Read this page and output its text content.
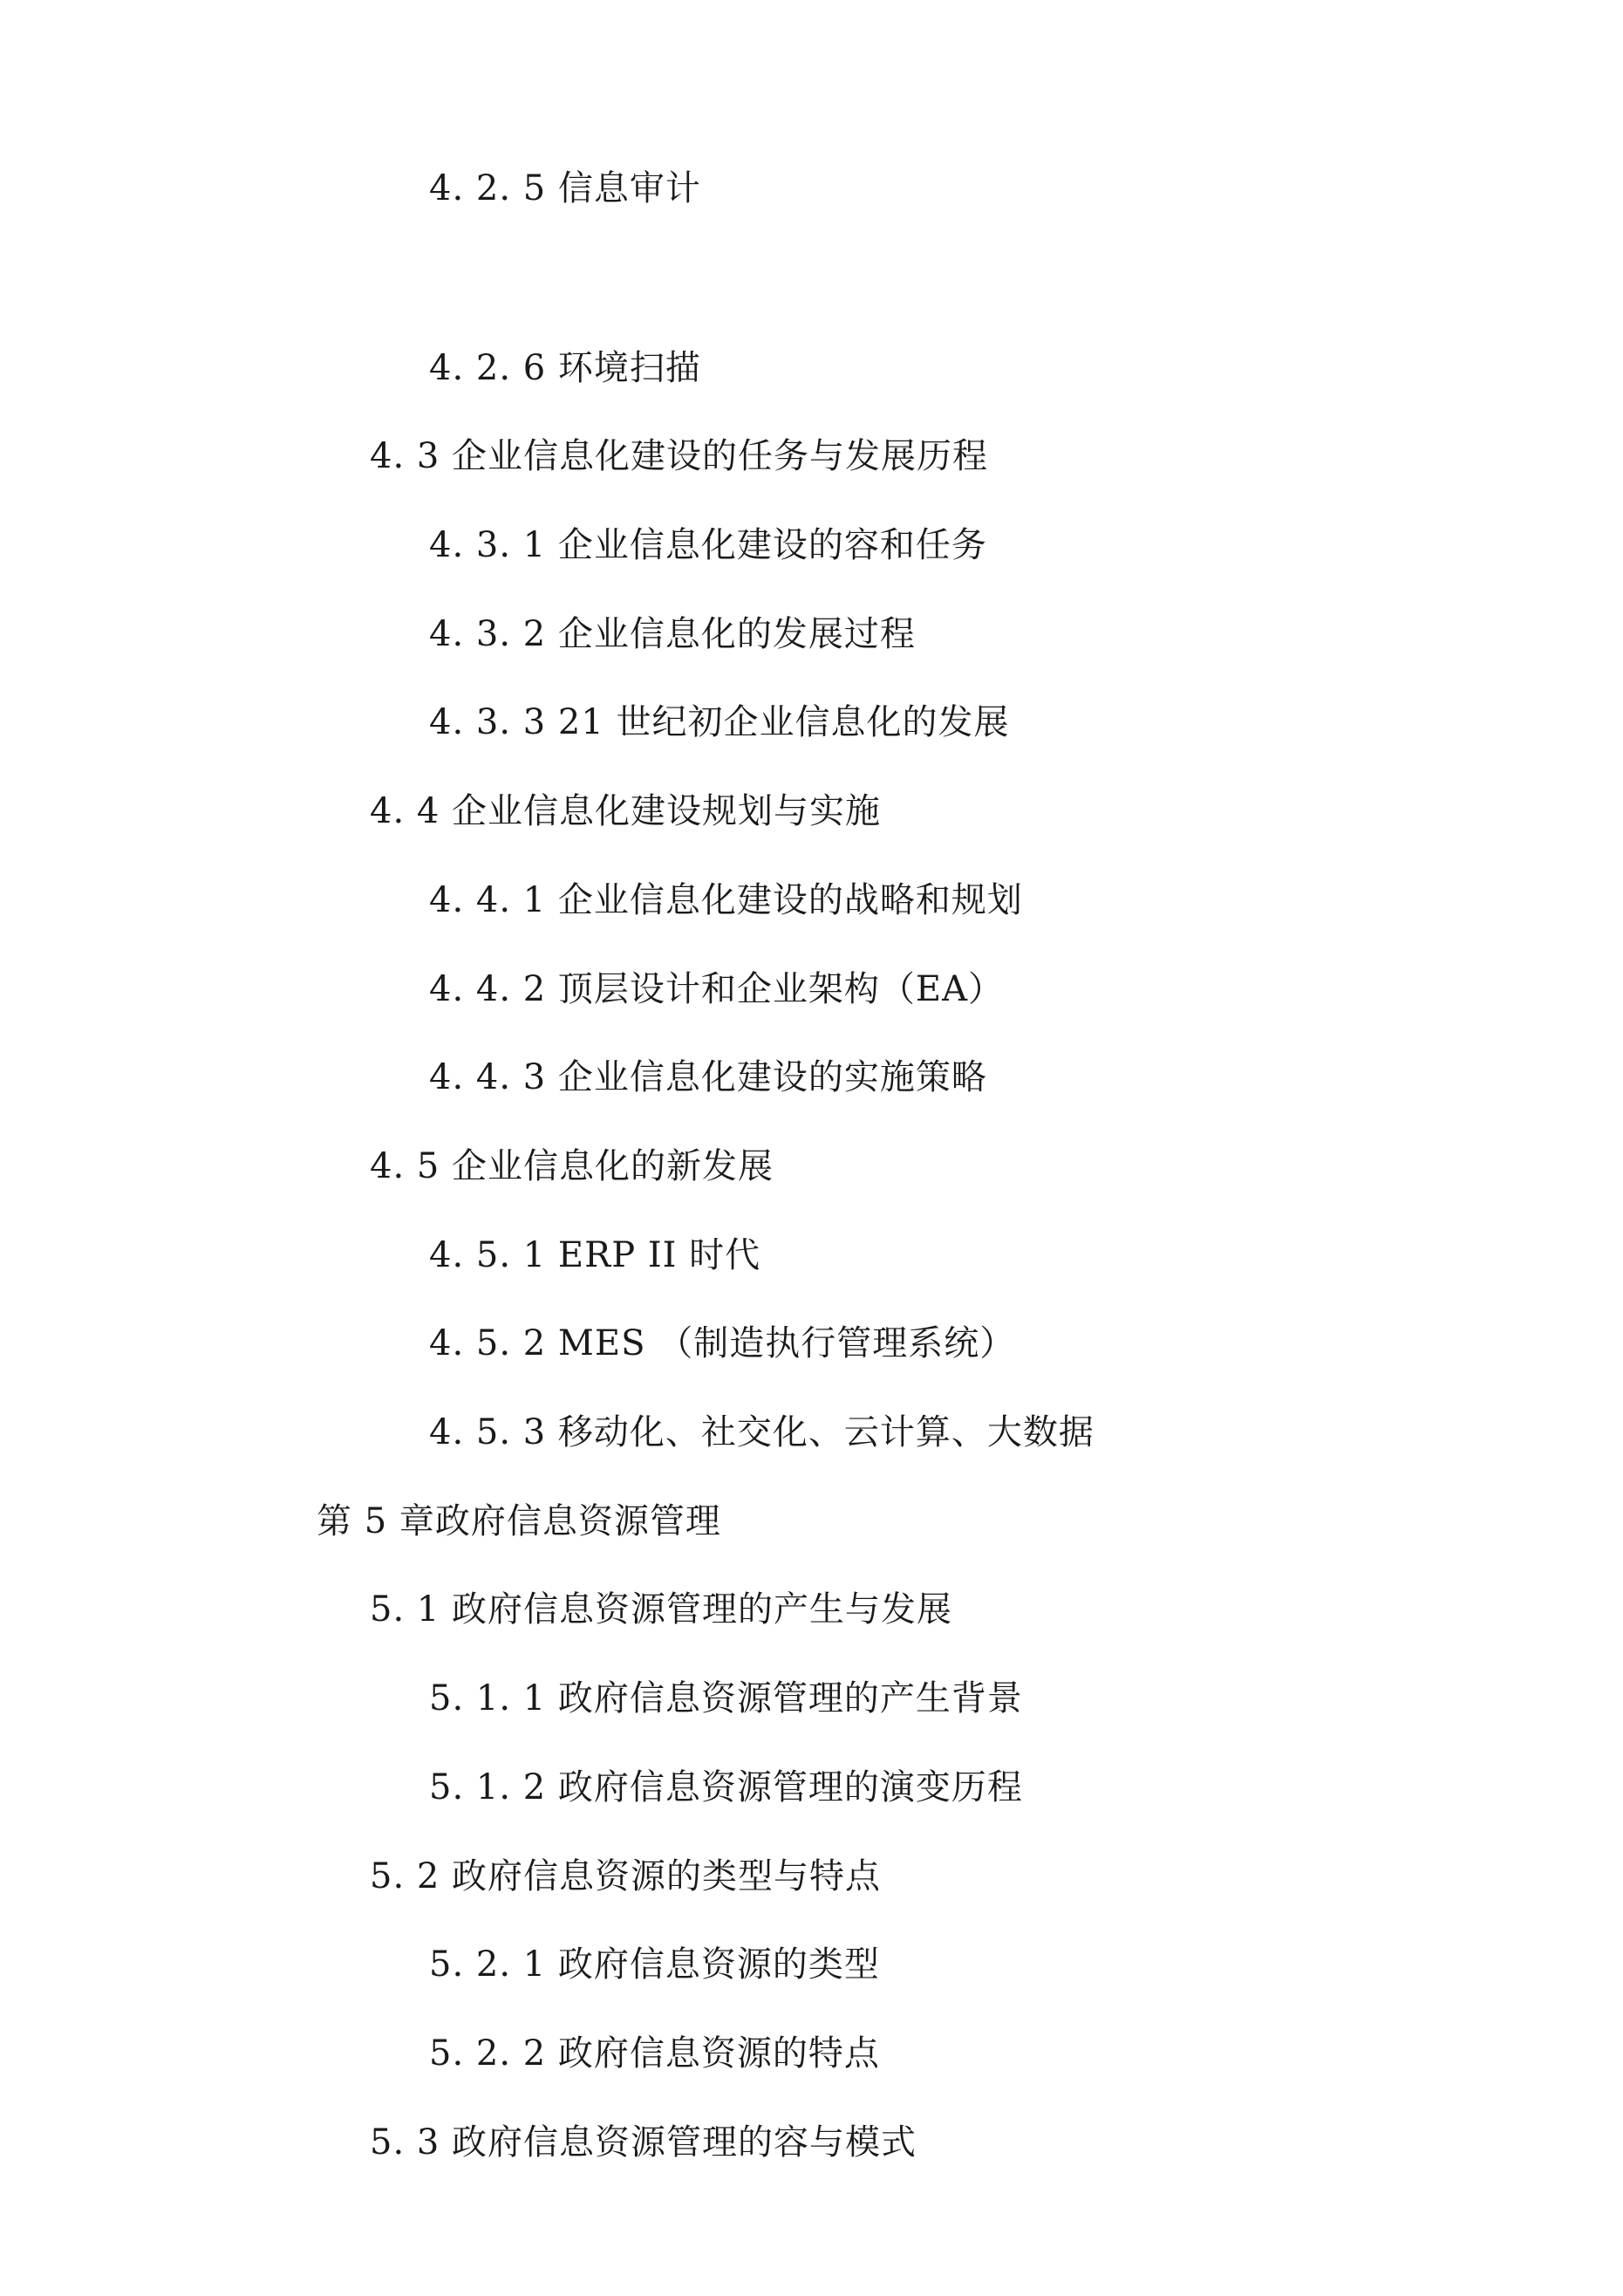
4. 2. 5 信息审计
4. 2. 6 环境扫描
4. 3 企业信息化建设的任务与发展历程
4. 3. 1 企业信息化建设的容和任务
4. 3. 2 企业信息化的发展过程
4. 3. 3 21 世纪初企业信息化的发展
4. 4 企业信息化建设规划与实施
4. 4. 1 企业信息化建设的战略和规划
4. 4. 2 顶层设计和企业架构（EA）
4. 4. 3 企业信息化建设的实施策略
4. 5 企业信息化的新发展
4. 5. 1 ERP II 时代
4. 5. 2 MES （制造执行管理系统）
4. 5. 3 移动化、社交化、云计算、大数据
第 5 章政府信息资源管理
5. 1 政府信息资源管理的产生与发展
5. 1. 1 政府信息资源管理的产生背景
5. 1. 2 政府信息资源管理的演变历程
5. 2 政府信息资源的类型与特点
5. 2. 1 政府信息资源的类型
5. 2. 2 政府信息资源的特点
5. 3 政府信息资源管理的容与模式
